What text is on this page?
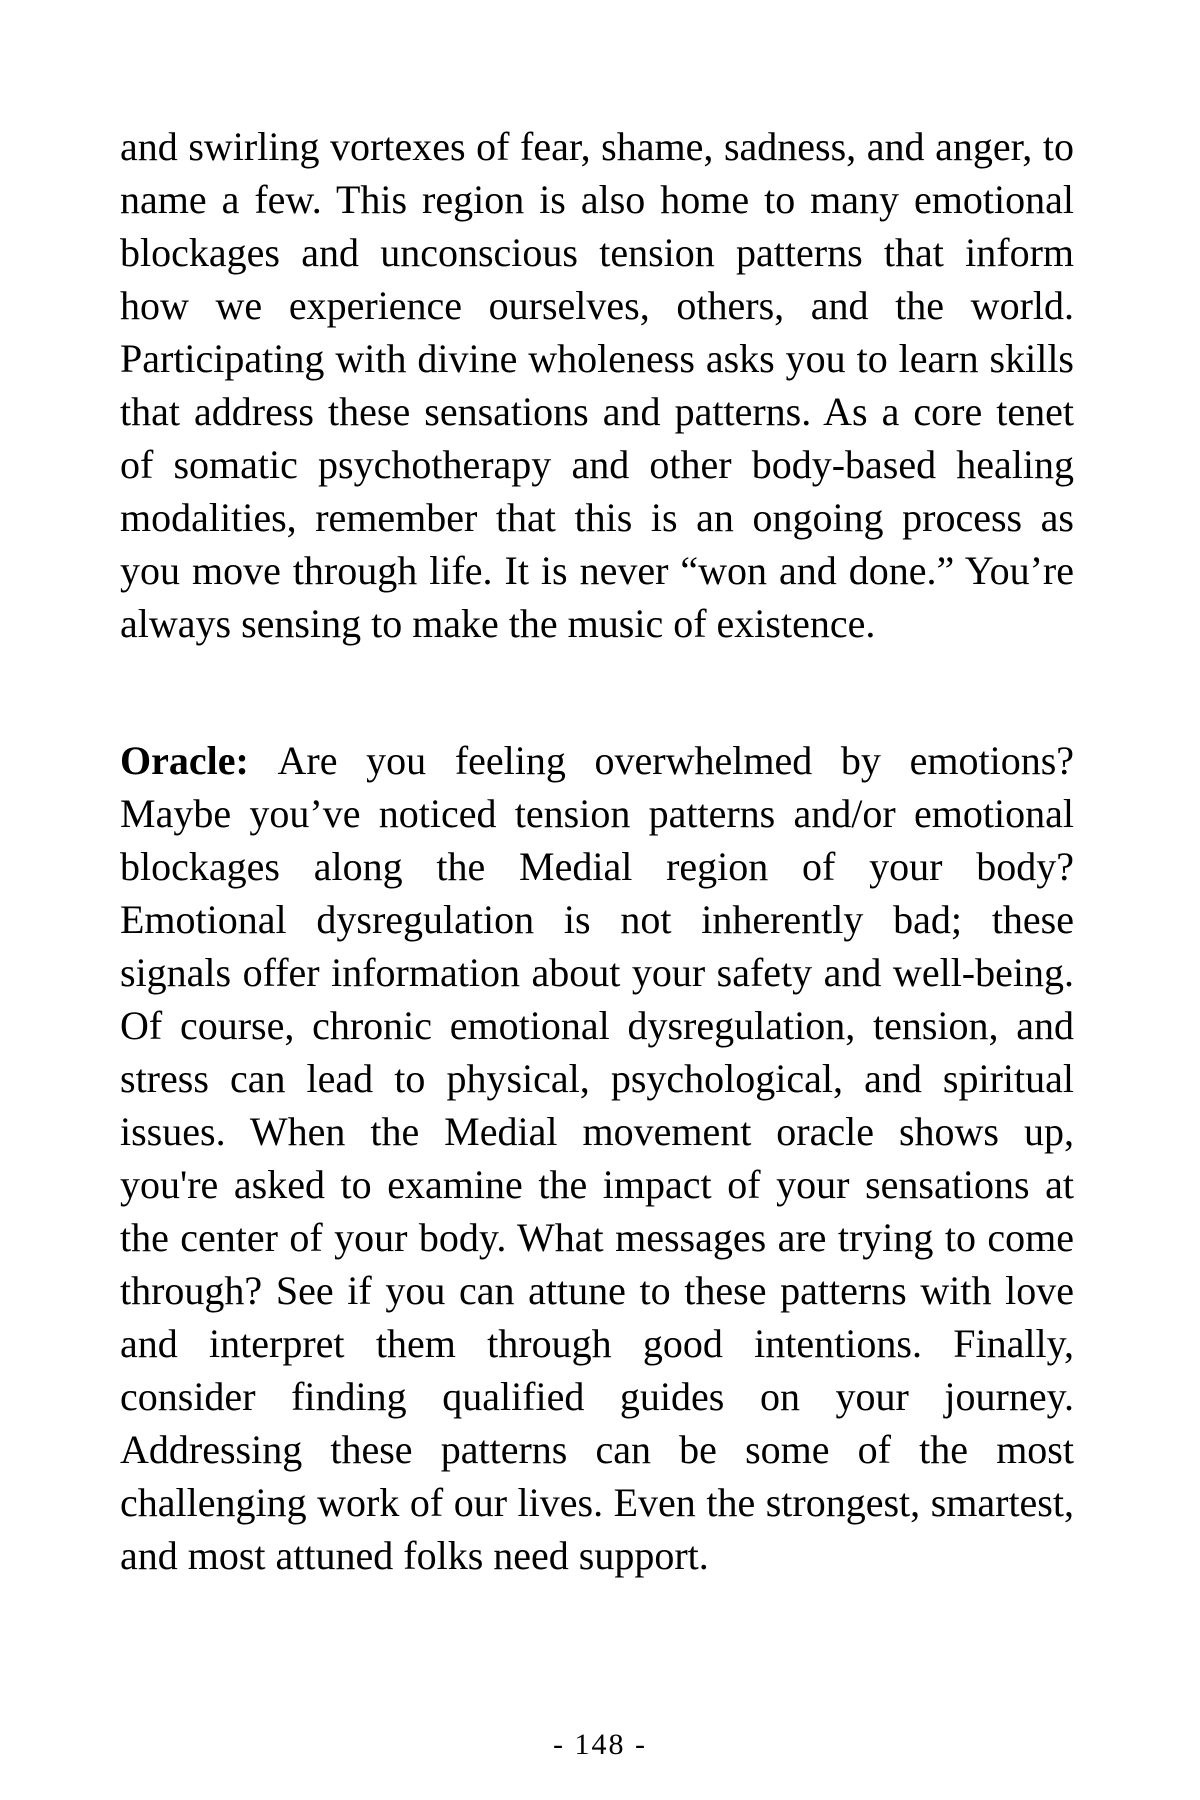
and swirling vortexes of fear, shame, sadness, and anger, to name a few. This region is also home to many emotional blockages and unconscious tension patterns that inform how we experience ourselves, others, and the world. Participating with divine wholeness asks you to learn skills that address these sensations and patterns. As a core tenet of somatic psychotherapy and other body-based healing modalities, remember that this is an ongoing process as you move through life. It is never “won and done.” You’re always sensing to make the music of existence.

Oracle: Are you feeling overwhelmed by emotions? Maybe you’ve noticed tension patterns and/or emotional blockages along the Medial region of your body? Emotional dysregulation is not inherently bad; these signals offer information about your safety and well-being. Of course, chronic emotional dysregulation, tension, and stress can lead to physical, psychological, and spiritual issues. When the Medial movement oracle shows up, you're asked to examine the impact of your sensations at the center of your body. What messages are trying to come through? See if you can attune to these patterns with love and interpret them through good intentions. Finally, consider finding qualified guides on your journey. Addressing these patterns can be some of the most challenging work of our lives. Even the strongest, smartest, and most attuned folks need support.

- 148 -
